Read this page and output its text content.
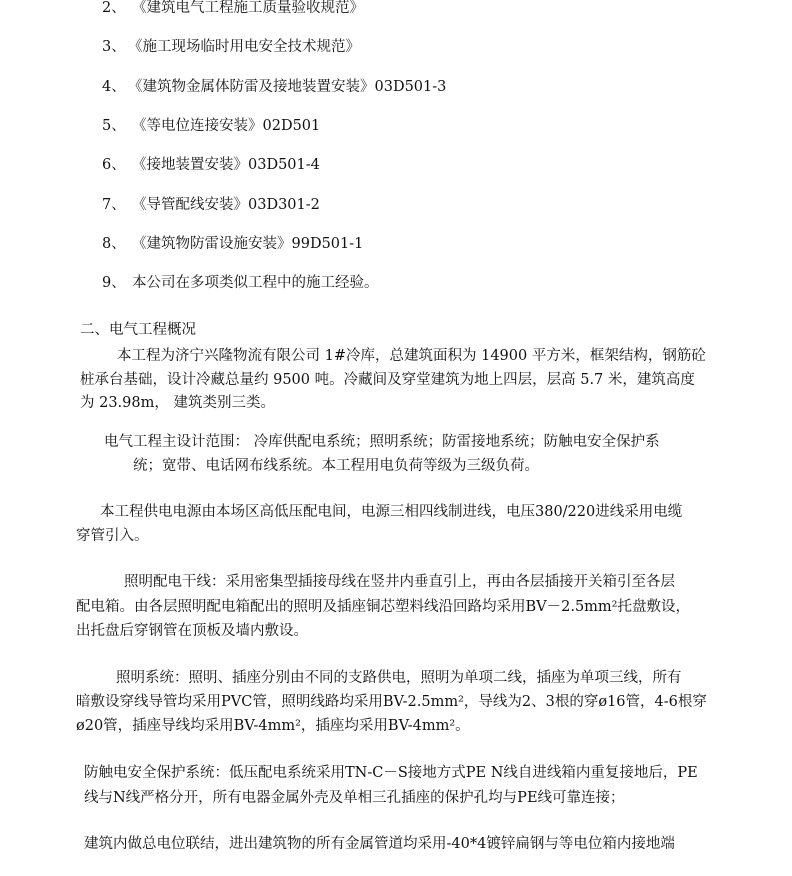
2、 《建筑电气工程施工质量验收规范》
3、 《施工现场临时用电安全技术规范》
4、 《建筑物金属体防雷及接地装置安装》03D501-3
5、 《等电位连接安装》02D501
6、 《接地装置安装》03D501-4
7、 《导管配线安装》03D301-2
8、 《建筑物防雷设施安装》99D501-1
9、 本公司在多项类似工程中的施工经验。
二、电气工程概况
本工程为济宁兴隆物流有限公司 1#冷库，总建筑面积为 14900 平方米，框架结构，钢筋砼
桩承台基础，设计冷藏总量约 9500 吨。冷藏间及穿堂建筑为地上四层，层高 5.7 米，建筑高度
为 23.98m， 建筑类别三类。
电气工程主设计范围： 冷库供配电系统；照明系统；防雷接地系统；防触电安全保护系
统；宽带、电话网布线系统。本工程用电负荷等级为三级负荷。
本工程供电电源由本场区高低压配电间，电源三相四线制进线，电压380/220进线采用电缆
穿管引入。
照明配电干线：采用密集型插接母线在竖井内垂直引上，再由各层插接开关箱引至各层
配电箱。由各层照明配电箱配出的照明及插座铜芯塑料线沿回路均采用BV－2.5mm²托盘敷设，
出托盘后穿钢管在顶板及墙内敷设。
照明系统：照明、插座分别由不同的支路供电，照明为单项二线，插座为单项三线，所有
暗敷设穿线导管均采用PVC管，照明线路均采用BV-2.5mm²，导线为2、3根的穿ø16管，4-6根穿
ø20管，插座导线均采用BV-4mm²，插座均采用BV-4mm²。
防触电安全保护系统：低压配电系统采用TN-C－S接地方式PE N线自进线箱内重复接地后，PE
线与N线严格分开，所有电器金属外壳及单相三孔插座的保护孔均与PE线可靠连接；
建筑内做总电位联结，进出建筑物的所有金属管道均采用-40*4镀锌扁钢与等电位箱内接地端
